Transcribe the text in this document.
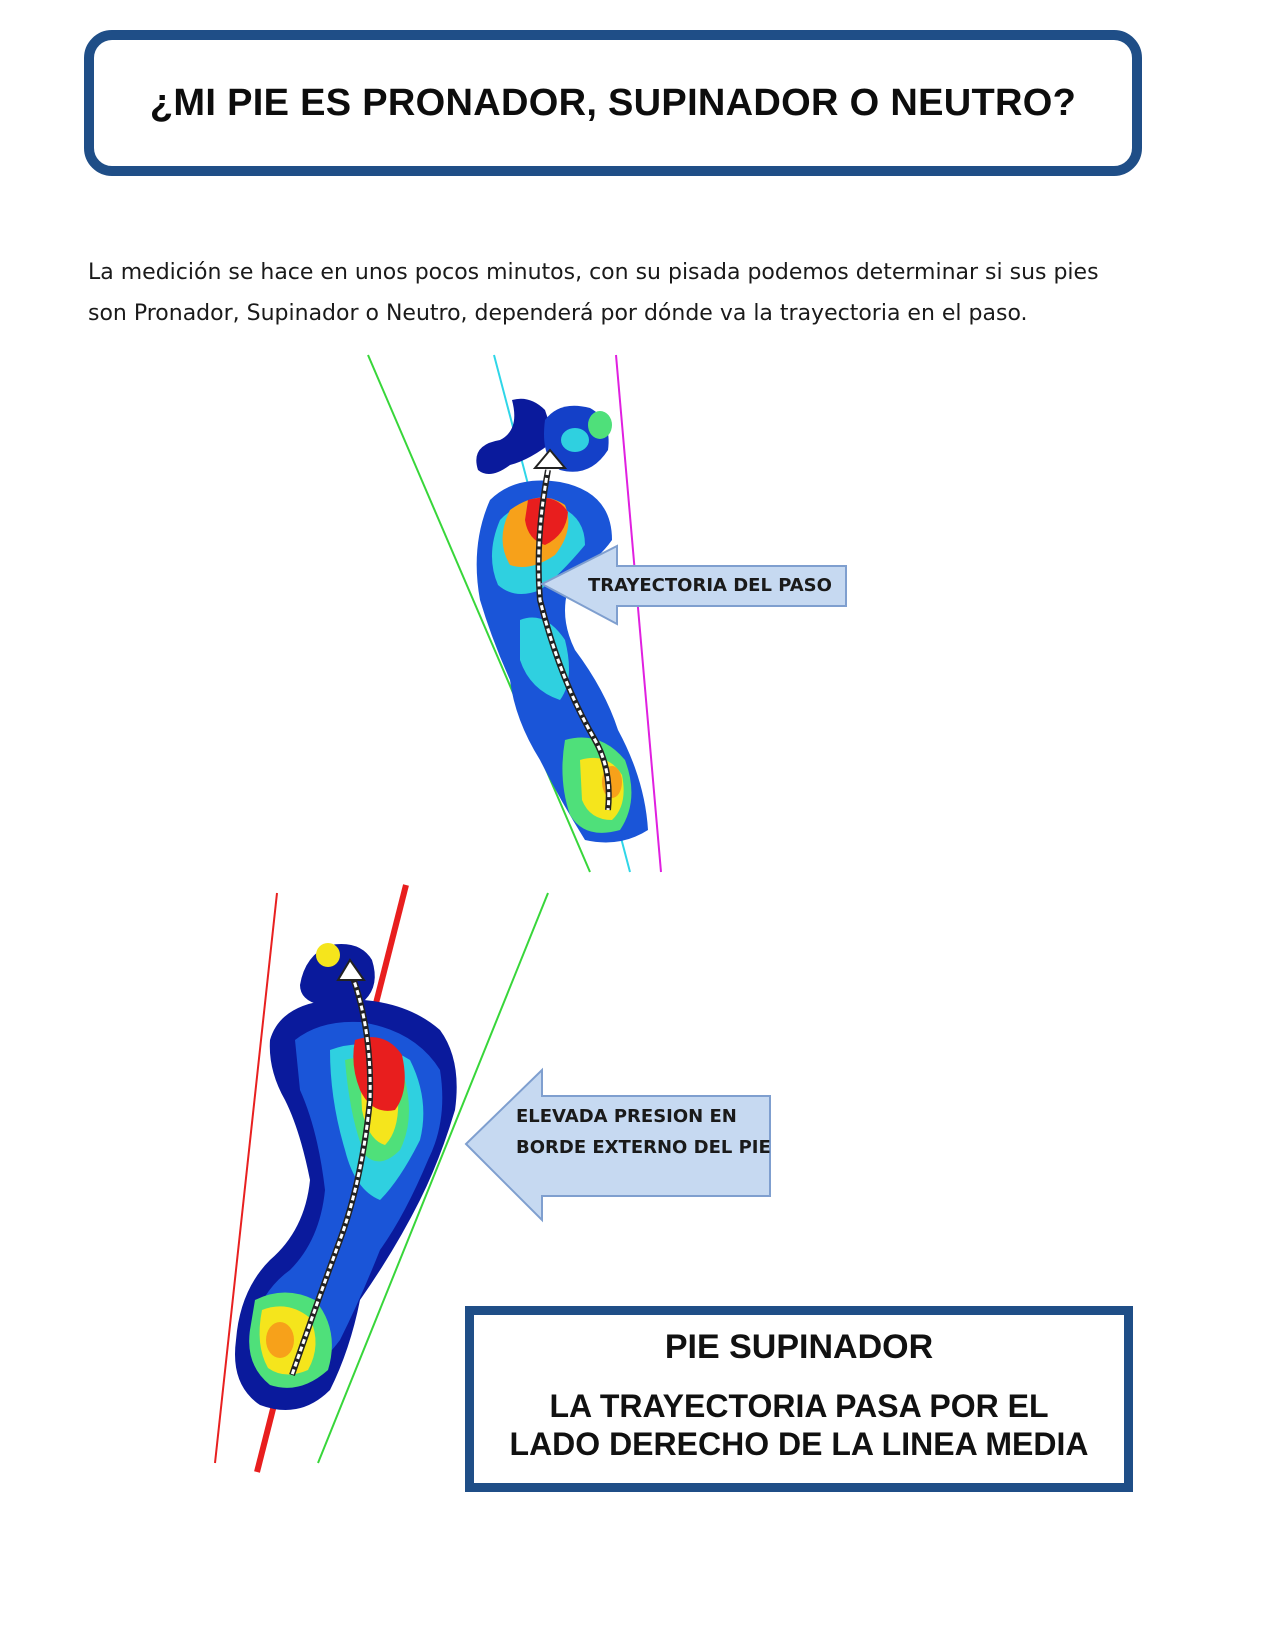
¿MI PIE ES PRONADOR, SUPINADOR O NEUTRO?
La medición se hace en unos pocos minutos, con su pisada podemos determinar si sus pies
son Pronador, Supinador o Neutro, dependerá por dónde va la trayectoria en el paso.
TRAYECTORIA DEL PASO
ELEVADA PRESION EN
BORDE EXTERNO DEL PIE
PIE SUPINADOR
LA TRAYECTORIA PASA POR EL
LADO DERECHO DE LA LINEA MEDIA
